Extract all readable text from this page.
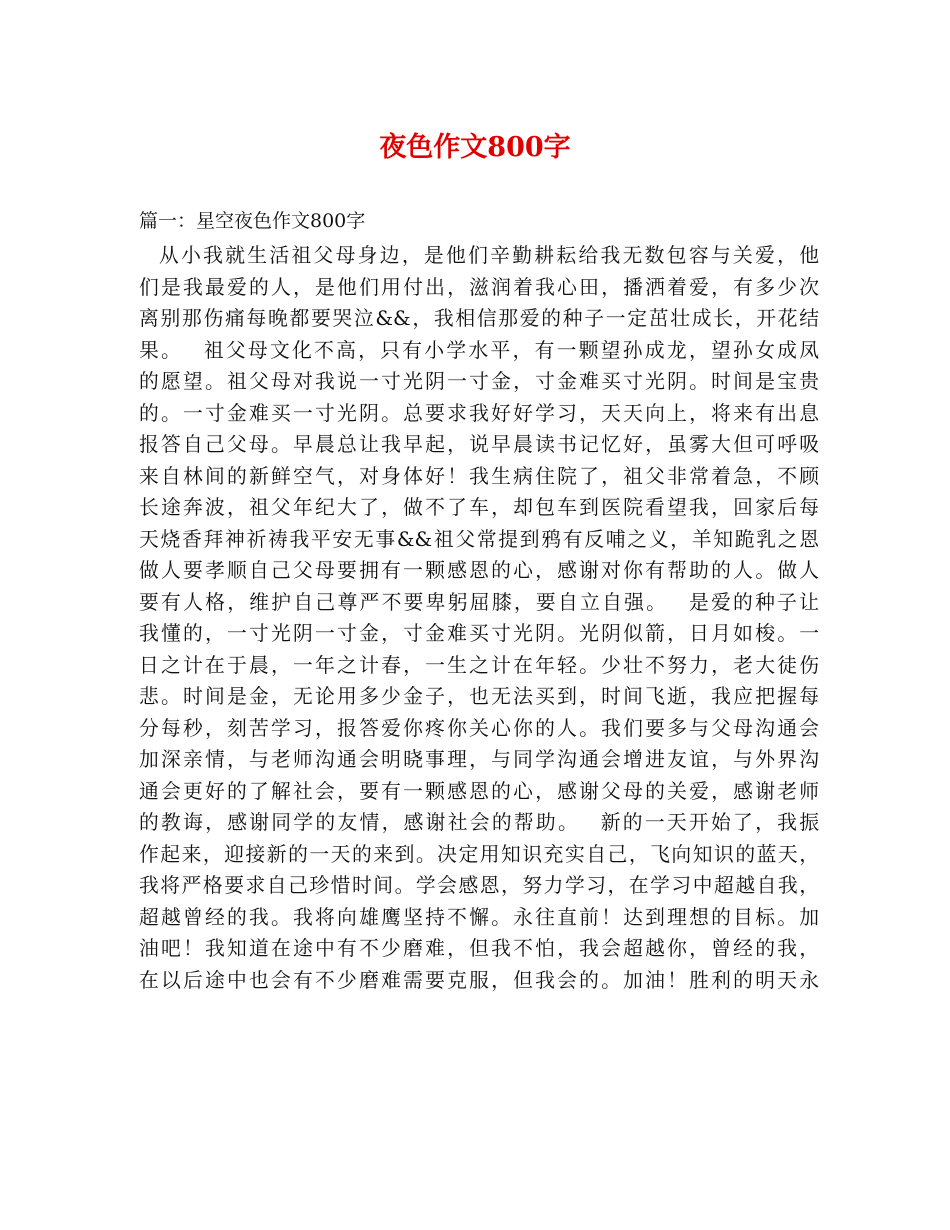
夜色作文800字

篇一：星空夜色作文800字

从小我就生活祖父母身边，是他们辛勤耕耘给我无数包容与关爱，他
们是我最爱的人，是他们用付出，滋润着我心田，播洒着爱，有多少次
离别那伤痛每晚都要哭泣&&，我相信那爱的种子一定茁壮成长，开花结
果。　 祖父母文化不高，只有小学水平，有一颗望孙成龙，望孙女成凤
的愿望。祖父母对我说一寸光阴一寸金，寸金难买寸光阴。时间是宝贵
的。一寸金难买一寸光阴。总要求我好好学习，天天向上，将来有出息
报答自己父母。早晨总让我早起，说早晨读书记忆好，虽雾大但可呼吸
来自林间的新鲜空气，对身体好！我生病住院了，祖父非常着急，不顾
长途奔波，祖父年纪大了，做不了车，却包车到医院看望我，回家后每
天烧香拜神祈祷我平安无事&&祖父常提到鸦有反哺之义，羊知跪乳之恩
做人要孝顺自己父母要拥有一颗感恩的心，感谢对你有帮助的人。做人
要有人格，维护自己尊严不要卑躬屈膝，要自立自强。　 是爱的种子让
我懂的，一寸光阴一寸金，寸金难买寸光阴。光阴似箭，日月如梭。一
日之计在于晨，一年之计春，一生之计在年轻。少壮不努力，老大徒伤
悲。时间是金，无论用多少金子，也无法买到，时间飞逝，我应把握每
分每秒，刻苦学习，报答爱你疼你关心你的人。我们要多与父母沟通会
加深亲情，与老师沟通会明晓事理，与同学沟通会增进友谊，与外界沟
通会更好的了解社会，要有一颗感恩的心，感谢父母的关爱，感谢老师
的教诲，感谢同学的友情，感谢社会的帮助。　 新的一天开始了，我振
作起来，迎接新的一天的来到。决定用知识充实自己，飞向知识的蓝天，
我将严格要求自己珍惜时间。学会感恩，努力学习，在学习中超越自我，
超越曾经的我。我将向雄鹰坚持不懈。永往直前！达到理想的目标。加
油吧！我知道在途中有不少磨难，但我不怕，我会超越你，曾经的我，
在以后途中也会有不少磨难需要克服，但我会的。加油！胜利的明天永
